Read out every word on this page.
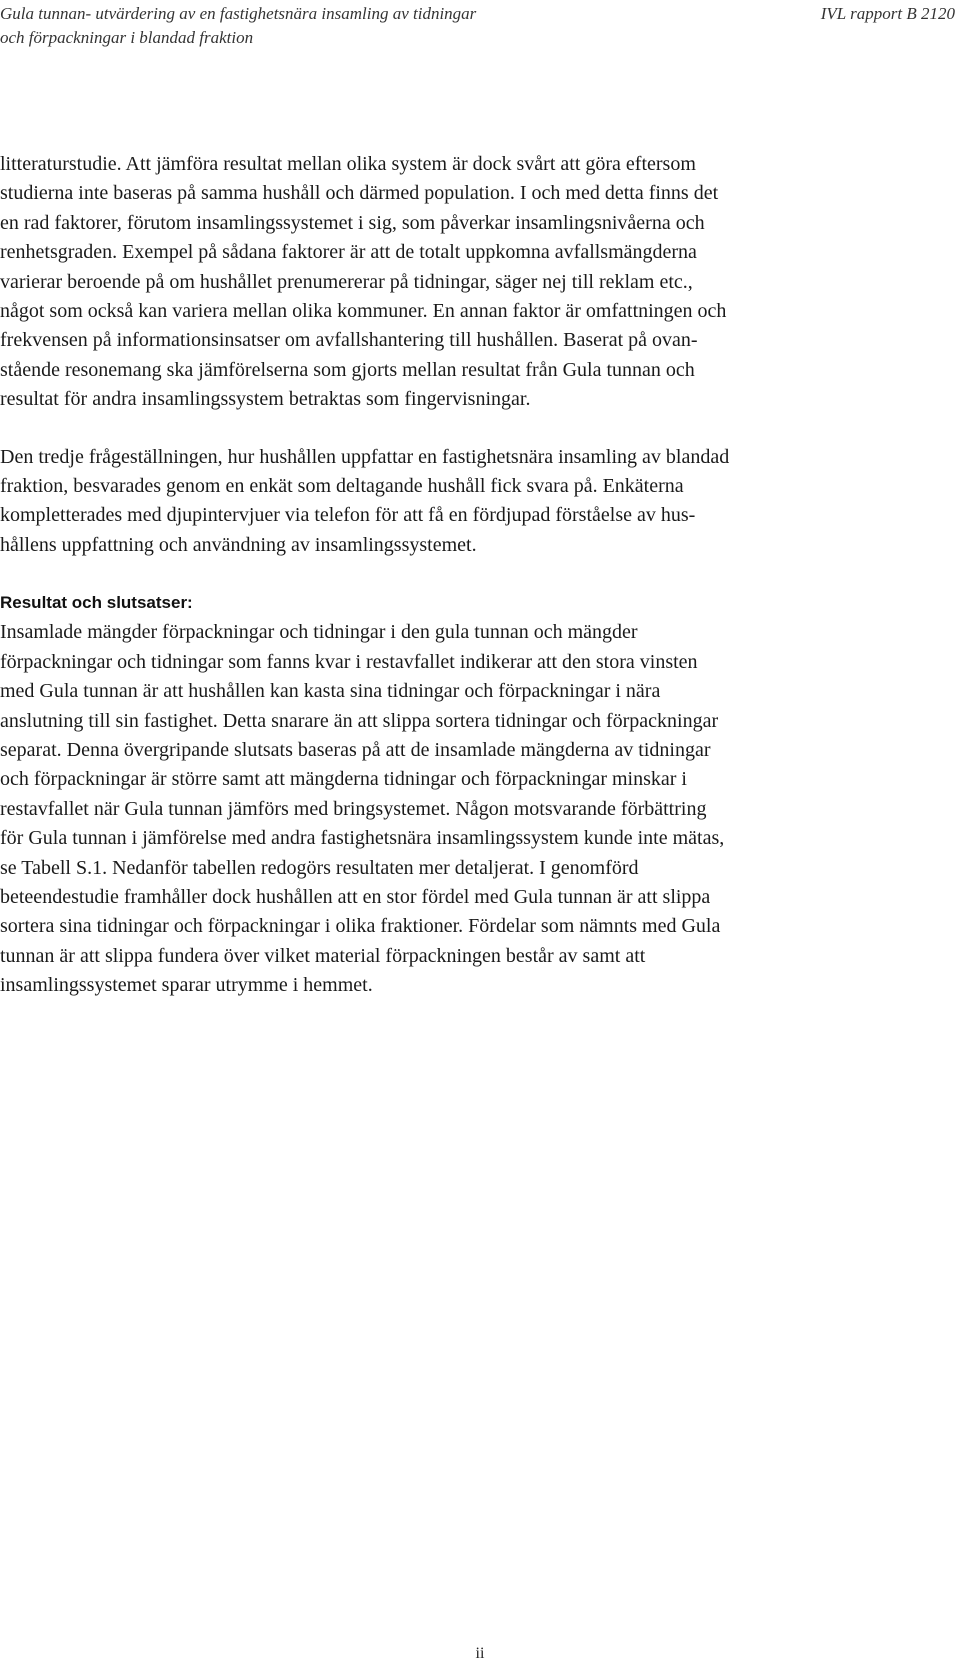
Gula tunnan- utvärdering av en fastighetsnära insamling av tidningar
och förpackningar i blandad fraktion
IVL rapport B 2120

litteraturstudie. Att jämföra resultat mellan olika system är dock svårt att göra eftersom
studierna inte baseras på samma hushåll och därmed population. I och med detta finns det
en rad faktorer, förutom insamlingssystemet i sig, som påverkar insamlingsnivåerna och
renhetsgraden. Exempel på sådana faktorer är att de totalt uppkomna avfallsmängderna
varierar beroende på om hushållet prenumererar på tidningar, säger nej till reklam etc.,
något som också kan variera mellan olika kommuner. En annan faktor är omfattningen och
frekvensen på informationsinsatser om avfallshantering till hushållen. Baserat på ovan-
stående resonemang ska jämförelserna som gjorts mellan resultat från Gula tunnan och
resultat för andra insamlingssystem betraktas som fingervisningar.

Den tredje frågeställningen, hur hushållen uppfattar en fastighetsnära insamling av blandad
fraktion, besvarades genom en enkät som deltagande hushåll fick svara på. Enkäterna
kompletterades med djupintervjuer via telefon för att få en fördjupad förståelse av hus-
hållens uppfattning och användning av insamlingssystemet.

Resultat och slutsatser:

Insamlade mängder förpackningar och tidningar i den gula tunnan och mängder
förpackningar och tidningar som fanns kvar i restavfallet indikerar att den stora vinsten
med Gula tunnan är att hushållen kan kasta sina tidningar och förpackningar i nära
anslutning till sin fastighet. Detta snarare än att slippa sortera tidningar och förpackningar
separat. Denna övergripande slutsats baseras på att de insamlade mängderna av tidningar
och förpackningar är större samt att mängderna tidningar och förpackningar minskar i
restavfallet när Gula tunnan jämförs med bringsystemet. Någon motsvarande förbättring
för Gula tunnan i jämförelse med andra fastighetsnära insamlingssystem kunde inte mätas,
se Tabell S.1. Nedanför tabellen redogörs resultaten mer detaljerat. I genomförd
beteendestudie framhåller dock hushållen att en stor fördel med Gula tunnan är att slippa
sortera sina tidningar och förpackningar i olika fraktioner. Fördelar som nämnts med Gula
tunnan är att slippa fundera över vilket material förpackningen består av samt att
insamlingssystemet sparar utrymme i hemmet.

ii
